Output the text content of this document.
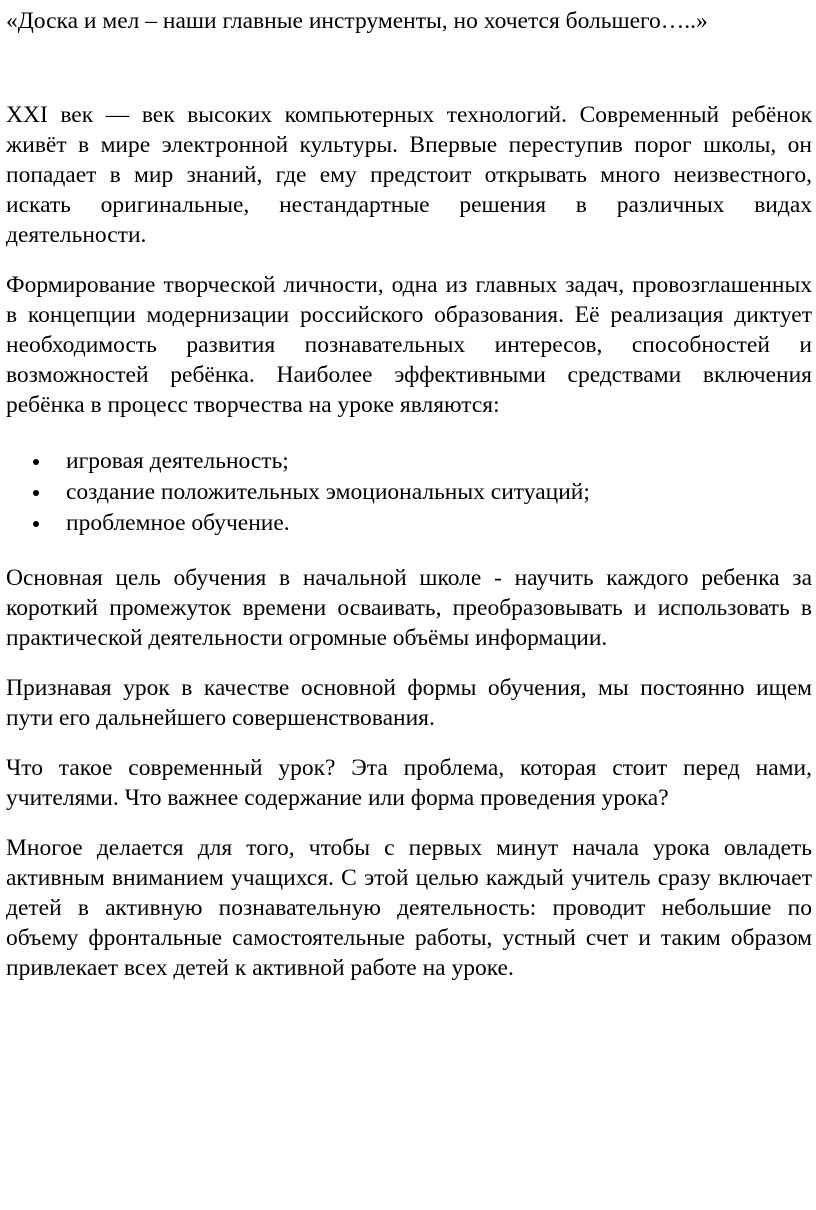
«Доска и мел – наши главные инструменты, но хочется большего…..»

XXI век — век высоких компьютерных технологий. Современный ребёнок живёт в мире электронной культуры. Впервые переступив порог школы, он попадает в мир знаний, где ему предстоит открывать много неизвестного, искать оригинальные, нестандартные решения в различных видах деятельности.

Формирование творческой личности, одна из главных задач, провозглашенных в концепции модернизации российского образования. Её реализация диктует необходимость развития познавательных интересов, способностей и возможностей ребёнка. Наиболее эффективными средствами включения ребёнка в процесс творчества на уроке являются:

игровая деятельность;
создание положительных эмоциональных ситуаций;
проблемное обучение.

Основная цель обучения в начальной школе - научить каждого ребенка за короткий промежуток времени осваивать, преобразовывать и использовать в практической деятельности огромные объёмы информации.

Признавая урок в качестве основной формы обучения, мы постоянно ищем пути его дальнейшего совершенствования.

Что такое современный урок? Эта проблема, которая стоит перед нами, учителями. Что важнее содержание или форма проведения урока?

Многое делается для того, чтобы с первых минут начала урока овладеть активным вниманием учащихся. С этой целью каждый учитель сразу включает детей в активную познавательную деятельность: проводит небольшие по объему фронтальные самостоятельные работы, устный счет и таким образом привлекает всех детей к активной работе на уроке.
